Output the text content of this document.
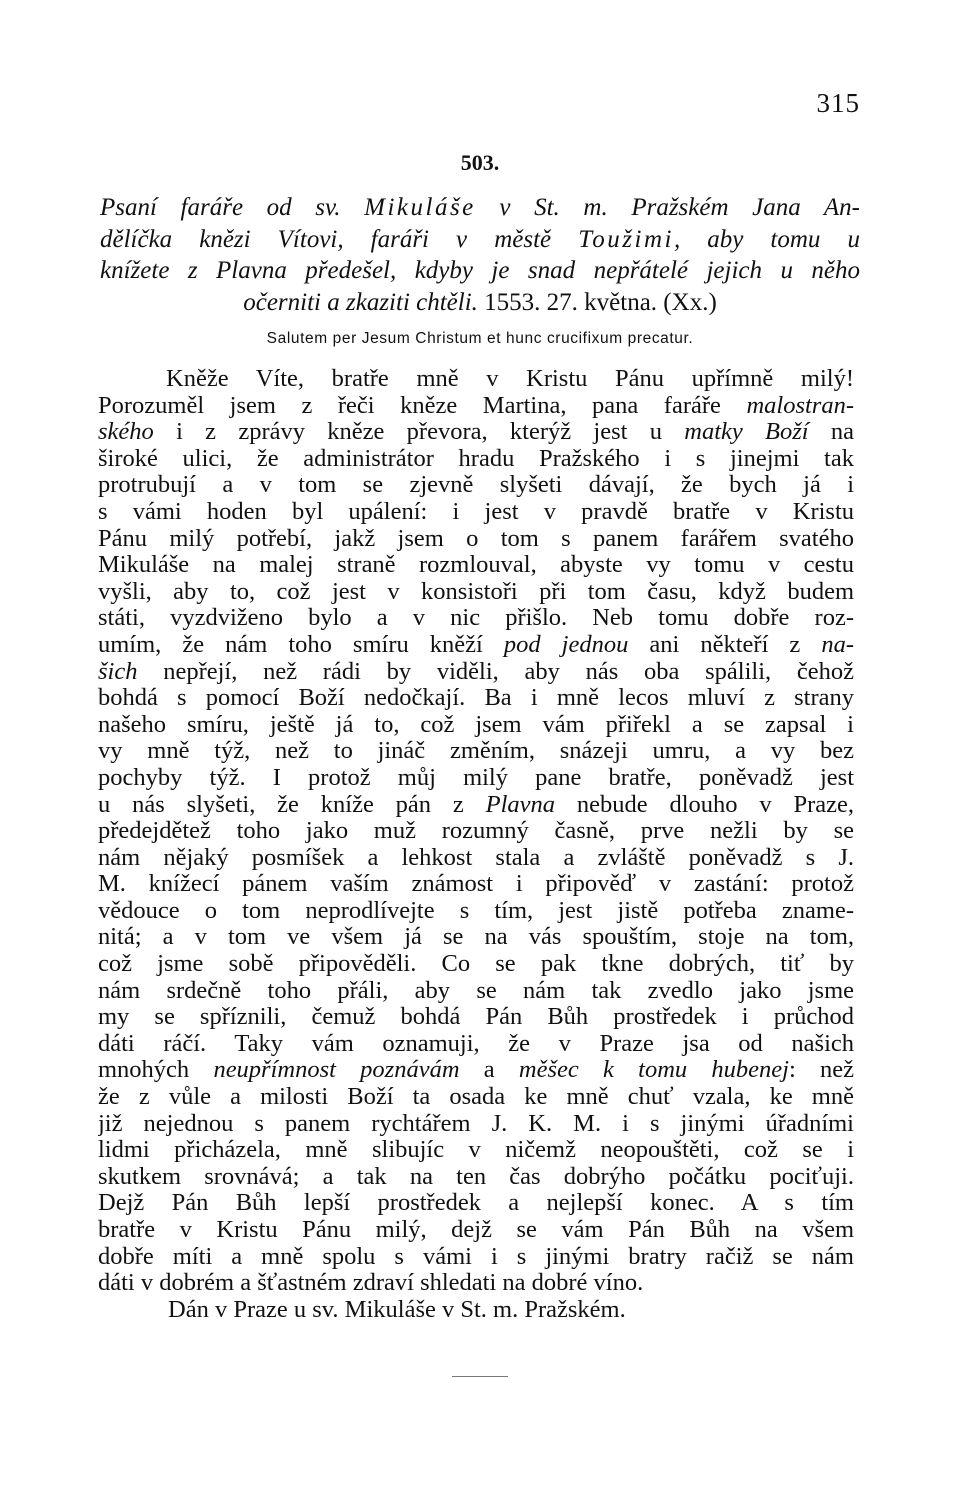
315
503.
Psaní faráře od sv. Mikuláše v St. m. Pražském Jana An-
dělíčka knězi Vítovi, faráři v městě Toužimi, aby tomu u
knížete z Plavna předešel, kdyby je snad nepřátelé jejich u něho
očerniti a zkaziti chtěli. 1553. 27. května. (Xx.)
Salutem per Jesum Christum et hunc crucifixum precatur.
Kněže Víte, bratře mně v Kristu Pánu upřímně milý!
Porozuměl jsem z řeči kněze Martina, pana faráře malostran-
ského i z zprávy kněze převora, kterýž jest u matky Boží na
široké ulici, že administrátor hradu Pražského i s jinejmi tak
protrubují a v tom se zjevně slyšeti dávají, že bych já i
s vámi hoden byl upálení: i jest v pravdě bratře v Kristu
Pánu milý potřebí, jakž jsem o tom s panem farářem svatého
Mikuláše na malej straně rozmlouval, abyste vy tomu v cestu
vyšli, aby to, což jest v konsistoři při tom času, když budem
státi, vyzdviženo bylo a v nic přišlo. Neb tomu dobře roz-
umím, že nám toho smíru kněží pod jednou ani někteří z na-
šich nepřejí, než rádi by viděli, aby nás oba spálili, čehož
bohdá s pomocí Boží nedočkají. Ba i mně lecos mluví z strany
našeho smíru, ještě já to, což jsem vám přiřekl a se zapsal i
vy mně týž, než to jináč změním, snázeji umru, a vy bez
pochyby týž. I protož můj milý pane bratře, poněvadž jest
u nás slyšeti, že kníže pán z Plavna nebude dlouho v Praze,
předejdětež toho jako muž rozumný časně, prve nežli by se
nám nějaký posmíšek a lehkost stala a zvláště poněvadž s J.
M. knížecí pánem vaším známost i připověď v zastání: protož
vědouce o tom neprodlívejte s tím, jest jistě potřeba zname-
nitá; a v tom ve všem já se na vás spouštím, stoje na tom,
což jsme sobě připověděli. Co se pak tkne dobrých, tiť by
nám srdečně toho přáli, aby se nám tak zvedlo jako jsme
my se spříznili, čemuž bohdá Pán Bůh prostředek i průchod
dáti ráčí. Taky vám oznamuji, že v Praze jsa od našich
mnohých neupřímnost poznávám a měšec k tomu hubenej: než
že z vůle a milosti Boží ta osada ke mně chuť vzala, ke mně
již nejednou s panem rychtářem J. K. M. i s jinými úřadními
lidmi přicházela, mně slibujíc v ničemž neopouštěti, což se i
skutkem srovnává; a tak na ten čas dobrýho počátku pociťuji.
Dejž Pán Bůh lepší prostředek a nejlepší konec. A s tím
bratře v Kristu Pánu milý, dejž se vám Pán Bůh na všem
dobře míti a mně spolu s vámi i s jinými bratry račiž se nám
dáti v dobrém a šťastném zdraví shledati na dobré víno.
Dán v Praze u sv. Mikuláše v St. m. Pražském.
